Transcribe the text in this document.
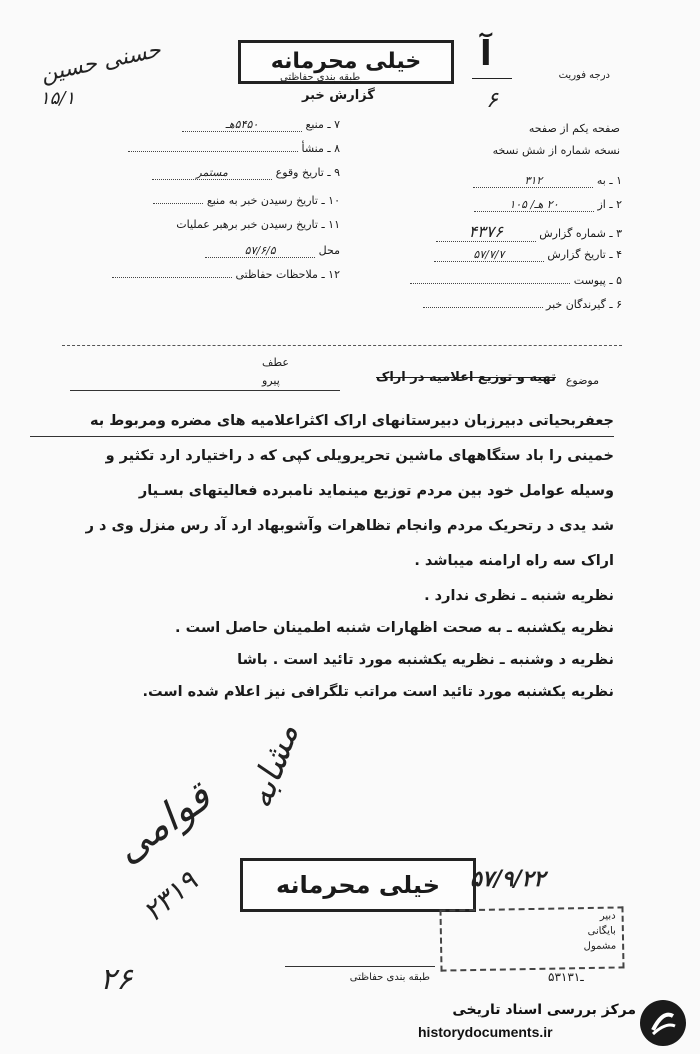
حسنی حسین
۱۵/۱
خیلی محرمانه
طبقه بندی حفاظتی
گزارش خبر
آ
درجه فوریت
۶
صفحه یکم از صفحه
نسخه شماره از شش نسخه
۱ ـ به ۳۱۲
۲ ـ از ۲۰ هـ/ ۱۰۵
۳ ـ شماره گزارش ۴۳۷۶
۴ ـ تاریخ گزارش ۵۷/۷/۷
۵ ـ پیوست
۶ ـ گیرندگان خبر
۷ ـ منبع ۵۴۵۰هـ
۸ ـ منشأ
۹ ـ تاریخ وقوع مستمر
۱۰ ـ تاریخ رسیدن خبر به منبع
۱۱ ـ تاریخ رسیدن خبر برهبر عملیات
محل ۵۷/۶/۵
۱۲ ـ ملاحظات حفاظتی
موضوع
تهیه و توزیع اعلامیه در اراک
عطف
پیرو
جعفربحیاتی دبیرزبان دبیرستانهای اراک اکثراعلامیه های مضره ومربوط به
خمینی را باد ستگاههای ماشین تحریرویلی کپی که د راختیارد ارد تکثیر و
وسیله عوامل خود بین مردم توزیع مینماید نامبرده فعالیتهای بسـیار
شد یدی د رتحریک مردم وانجام تظاهرات وآشوبهاد ارد آد رس منزل وی د ر
اراک سه راه ارامنه میباشد .
نظریه شنبه ـ نظری ندارد .
نظریه یکشنبه ـ به صحت اظهارات شنبه اطمینان حاصل است .
نظریه د وشنبه ـ نظریه یکشنبه مورد تائید است . باشا
نظریه یکشنبه مورد تائید است مراتب تلگرافی نیز اعلام شده است.
مشابه
قوامی
۲۳۱۹
۲۶
خیلی محرمانه	۵۷/۹/۲۲
دبیر
بایگانی
مشمول
طبقه بندی حفاظتی	۵۳ـ۱۳۱
مرکز بررسی اسناد تاریخی
historydocuments.ir
